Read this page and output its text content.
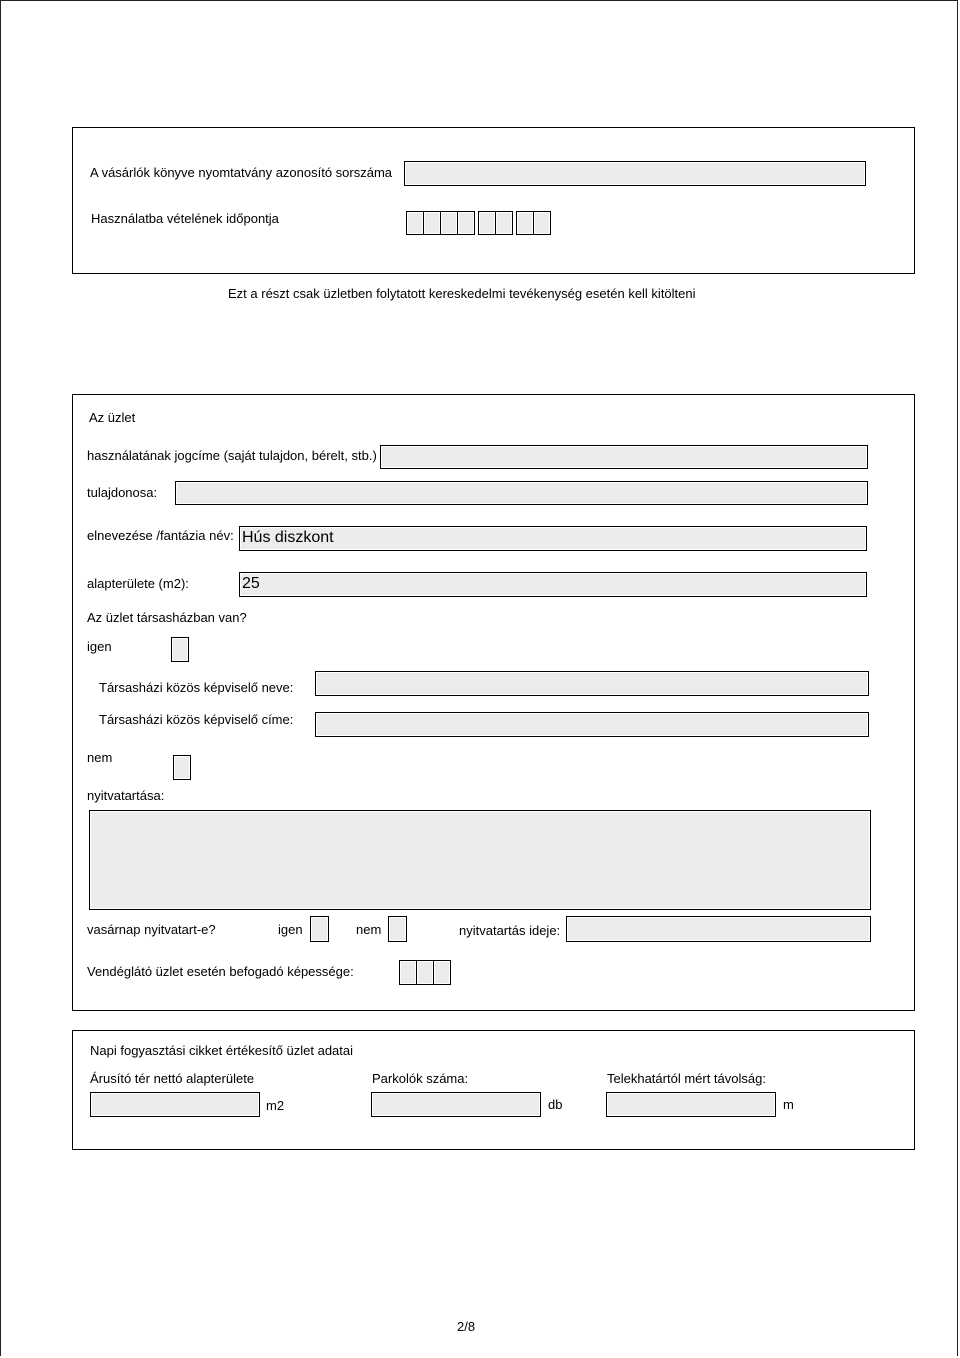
A vásárlók könyve nyomtatvány azonosító sorszáma
Használatba vételének időpontja
Ezt a részt csak üzletben folytatott kereskedelmi tevékenység esetén kell kitölteni
Az üzlet
használatának jogcíme (saját tulajdon, bérelt, stb.)
tulajdonosa:
elnevezése /fantázia név: Hús diszkont
alapterülete (m2):	25
Az üzlet társasházban van?
igen
Társasházi közös képviselő neve:
Társasházi közös képviselő címe:
nem
nyitvatartása:
vasárnap nyitvatart-e?	igen	nem	nyitvatartás ideje:
Vendéglátó üzlet esetén befogadó képessége:
Napi fogyasztási cikket értékesítő üzlet adatai
Árusító tér nettó alapterülete
m2
Parkolók száma:
db
Telekhatártól mért távolság:
m
2/8
